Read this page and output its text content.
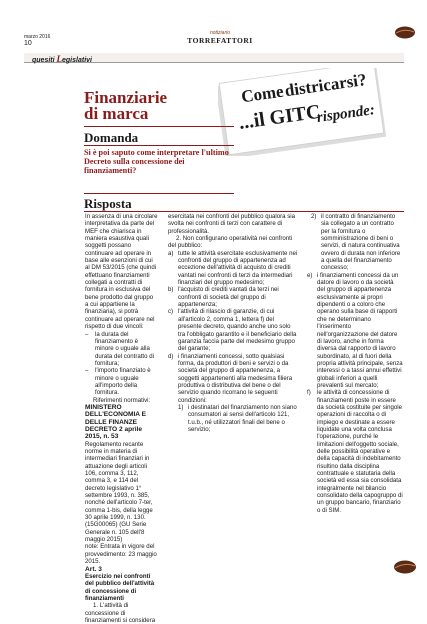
marzo 2016
10
notiziario
TORREFATTORI
quesiti Legislativi
Come
districarsi?
...il GITC
risponde:
Finanziarie
di marca
Domanda
Si è poi saputo come interpretare l'ultimo Decreto sulla concessione dei finanziamenti?
Risposta

In assenza di una circolare interpretativa da parte del MEF che chiarisca in maniera esaustiva quali soggetti possano continuare ad operare in base alle esenzioni di cui al DM 53/2015 (che quindi effettuano finanziamenti collegati a contratti di fornitura in esclusiva del bene prodotto dal gruppo a cui appartiene la finanziaria), si potrà continuare ad operare nel rispetto di due vincoli:

–	la durata del finanziamento è minore o uguale alla durata del contratto di fornitura;
–	l'importo finanziato è minore o uguale all'importo della fornitura.

Riferimenti normativi:

MINISTERO DELL'ECONOMIA E DELLE FINANZE DECRETO 2 aprile 2015, n. 53

Regolamento recante norme in materia di intermediari finanziari in attuazione degli articoli 106, comma 3, 112, comma 3, e 114 del decreto legislativo 1° settembre 1993, n. 385, nonché dell'articolo 7-ter, comma 1-bis, della legge 30 aprile 1999, n. 130. (15G00065) (GU Serie Generale n. 105 dell'8 maggio 2015)

note: Entrata in vigore del provvedimento: 23 maggio 2015.

Art. 3

Esercizio nei confronti del pubblico dell'attività di concessione di finanziamenti

1. L'attività di concessione di finanziamenti si considera

esercitata nei confronti del pubblico qualora sia svolta nei confronti di terzi con carattere di professionalità.

2. Non configurano operatività nei confronti del pubblico:

a) tutte le attività esercitate esclusivamente nei confronti del gruppo di appartenenza ad eccezione dell'attività di acquisto di crediti vantati nei confronti di terzi da intermediari finanziari del gruppo medesimo;
b) l'acquisto di crediti vantati da terzi nei confronti di società del gruppo di appartenenza;
c) l'attività di rilascio di garanzie, di cui all'articolo 2, comma 1, lettera f) del presente decreto, quando anche uno solo tra l'obbligato garantito e il beneficiario della garanzia faccia parte del medesimo gruppo del garante;
d) i finanziamenti concessi, sotto qualsiasi forma, da produttori di beni e servizi o da società del gruppo di appartenenza, a soggetti appartenenti alla medesima filiera produttiva o distributiva del bene o del servizio quando ricorrano le seguenti condizioni:
1) i destinatari del finanziamento non siano consumatori ai sensi dell'articolo 121, t.u.b., né utilizzatori finali del bene o servizio;
2) il contratto di finanziamento sia collegato a un contratto per la fornitura o somministrazione di beni o servizi, di natura continuativa ovvero di durata non inferiore a quella del finanziamento concesso;
e) i finanziamenti concessi da un datore di lavoro o da società del gruppo di appartenenza esclusivamente ai propri dipendenti o a coloro che operano sulla base di rapporti che ne determinano l'inserimento nell'organizzazione del datore di lavoro, anche in forma diversa dal rapporto di lavoro subordinato, al di fuori della propria attività principale, senza interessi o a tassi annui effettivi globali inferiori a quelli prevalenti sul mercato;
f)	le attività di concessione di finanziamenti poste in essere da società costituite per singole operazioni di raccolta o di impiego e destinate a essere liquidate una volta conclusa l'operazione, purché le limitazioni dell'oggetto sociale, delle possibilità operative e della capacità di indebitamento risultino dalla disciplina contrattuale e statutaria della società ed essa sia consolidata integralmente nel bilancio consolidato della capogruppo di un gruppo bancario, finanziario o di SIM.
